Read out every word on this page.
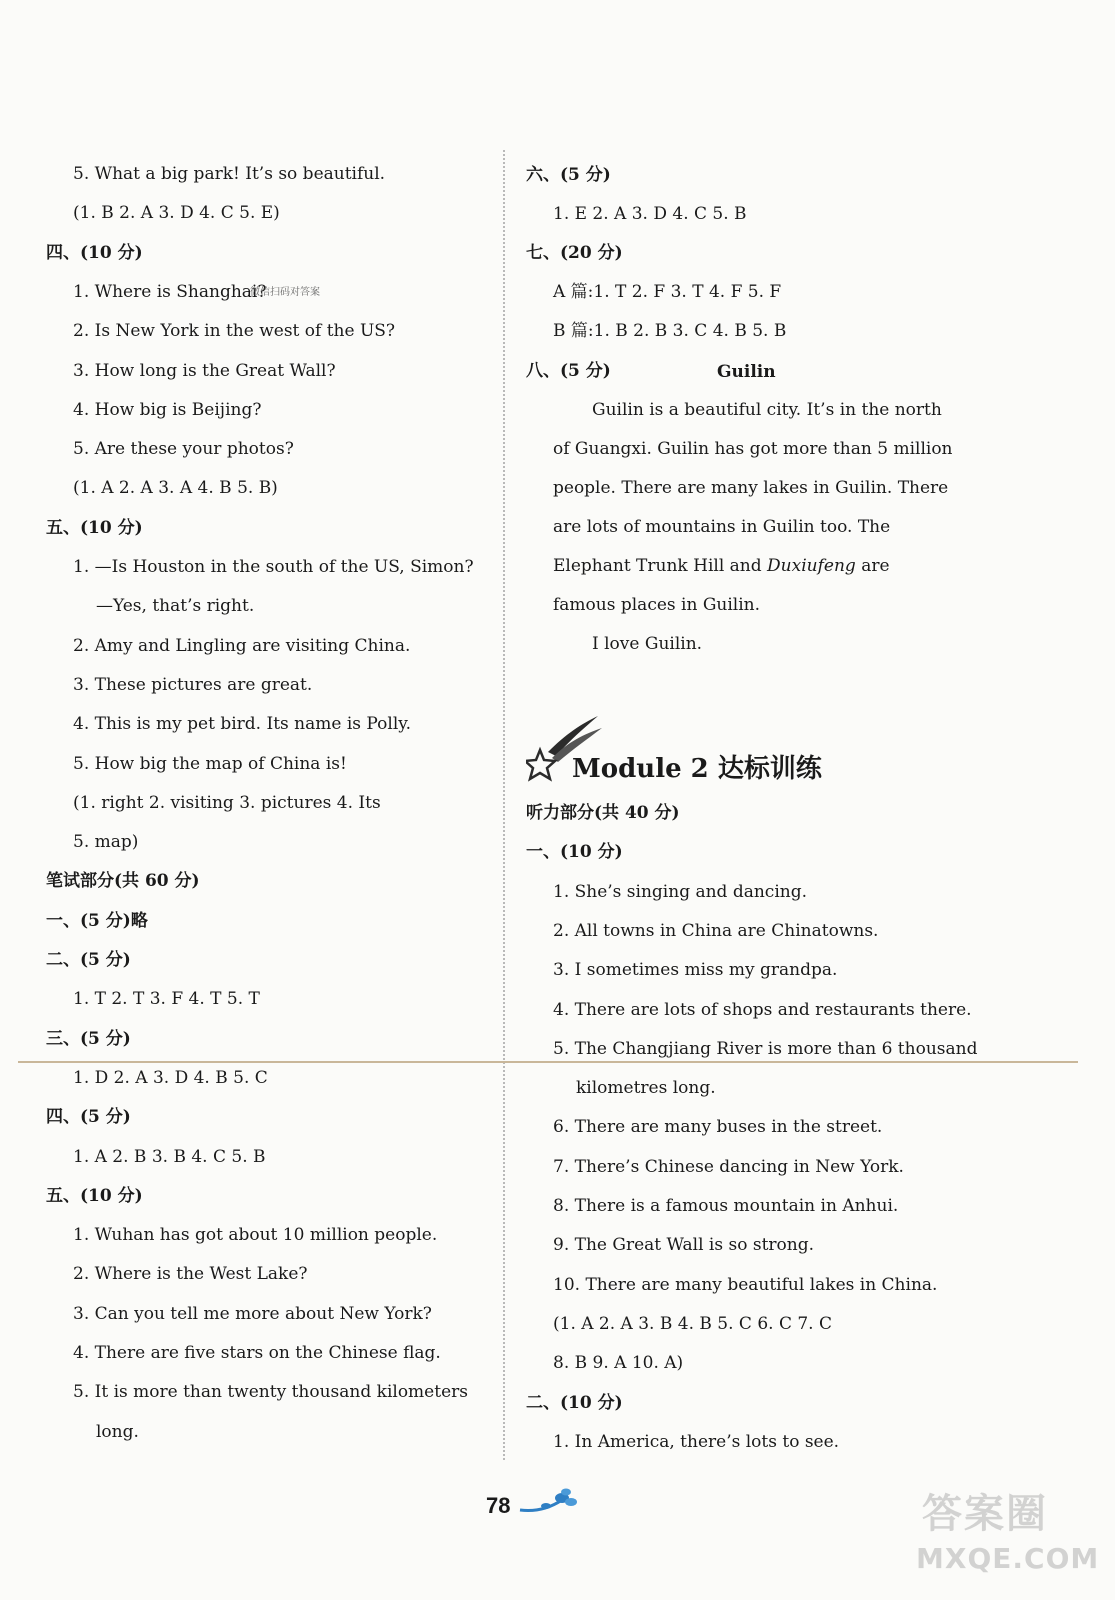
5. What a big park! It’s so beautiful.
(1. B 2. A 3. D 4. C 5. E)
四、(10 分)
1. Where is Shanghai?
2. Is New York in the west of the US?
3. How long is the Great Wall?
4. How big is Beijing?
5. Are these your photos?
(1. A 2. A 3. A 4. B 5. B)
五、(10 分)
1. —Is Houston in the south of the US, Simon?
—Yes, that’s right.
2. Amy and Lingling are visiting China.
3. These pictures are great.
4. This is my pet bird. Its name is Polly.
5. How big the map of China is!
(1. right 2. visiting 3. pictures 4. Its
5. map)
笔试部分(共 60 分)
一、(5 分)略
二、(5 分)
1. T 2. T 3. F 4. T 5. T
三、(5 分)
1. D 2. A 3. D 4. B 5. C
四、(5 分)
1. A 2. B 3. B 4. C 5. B
五、(10 分)
1. Wuhan has got about 10 million people.
2. Where is the West Lake?
3. Can you tell me more about New York?
4. There are five stars on the Chinese flag.
5. It is more than twenty thousand kilometers
long.
六、(5 分)
1. E 2. A 3. D 4. C 5. B
七、(20 分)
A 篇:1. T 2. F 3. T 4. F 5. F
B 篇:1. B 2. B 3. C 4. B 5. B
八、(5 分)
Guilin is a beautiful city. It’s in the north
of Guangxi. Guilin has got more than 5 million
people. There are many lakes in Guilin. There
are lots of mountains in Guilin too. The
Elephant Trunk Hill and Duxiufeng are
famous places in Guilin.
I love Guilin.
听力部分(共 40 分)
一、(10 分)
1. She’s singing and dancing.
2. All towns in China are Chinatowns.
3. I sometimes miss my grandpa.
4. There are lots of shops and restaurants there.
5. The Changjiang River is more than 6 thousand
kilometres long.
6. There are many buses in the street.
7. There’s Chinese dancing in New York.
8. There is a famous mountain in Anhui.
9. The Great Wall is so strong.
10. There are many beautiful lakes in China.
(1. A 2. A 3. B 4. B 5. C 6. C 7. C
8. B 9. A 10. A)
二、(10 分)
1. In America, there’s lots to see.
微信扫码对答案
Guilin
Module 2 达标训练
78	答案圈
MXQE.COM
